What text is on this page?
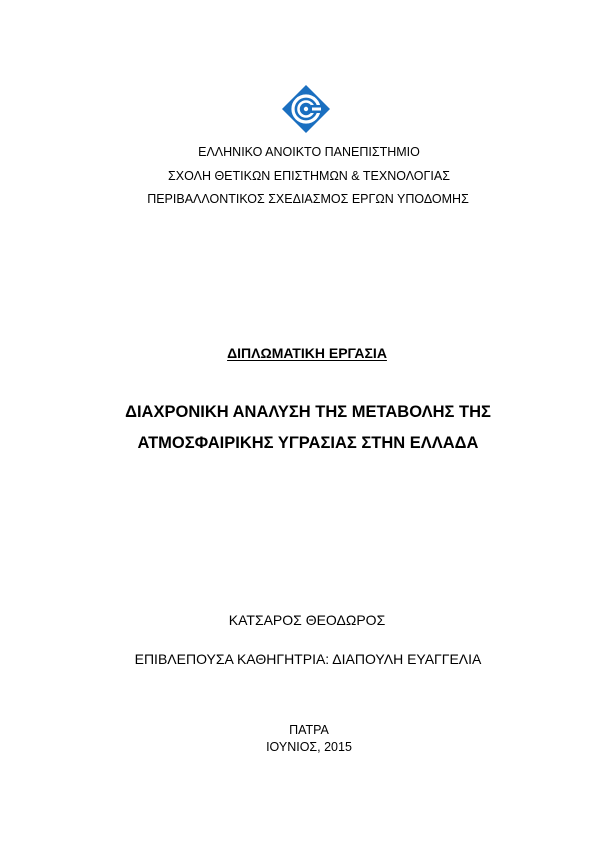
ΕΛΛΗΝΙΚΟ ΑΝΟΙΚΤΟ ΠΑΝΕΠΙΣΤΗΜΙΟ
ΣΧΟΛΗ ΘΕΤΙΚΩΝ ΕΠΙΣΤΗΜΩΝ & ΤΕΧΝΟΛΟΓΙΑΣ
ΠΕΡΙΒΑΛΛΟΝΤΙΚΟΣ ΣΧΕΔΙΑΣΜΟΣ ΕΡΓΩΝ ΥΠΟΔΟΜΗΣ
ΔΙΠΛΩΜΑΤΙΚΗ ΕΡΓΑΣΙΑ
ΔΙΑΧΡΟΝΙΚΗ ΑΝΑΛΥΣΗ ΤΗΣ ΜΕΤΑΒΟΛΗΣ ΤΗΣ
ΑΤΜΟΣΦΑΙΡΙΚΗΣ ΥΓΡΑΣΙΑΣ ΣΤΗΝ ΕΛΛΑΔΑ
ΚΑΤΣΑΡΟΣ ΘΕΟΔΩΡΟΣ
ΕΠΙΒΛΕΠΟΥΣΑ ΚΑΘΗΓΗΤΡΙΑ: ΔΙΑΠΟΥΛΗ ΕΥΑΓΓΕΛΙΑ
ΠΑΤΡΑ
ΙΟΥΝΙΟΣ, 2015
